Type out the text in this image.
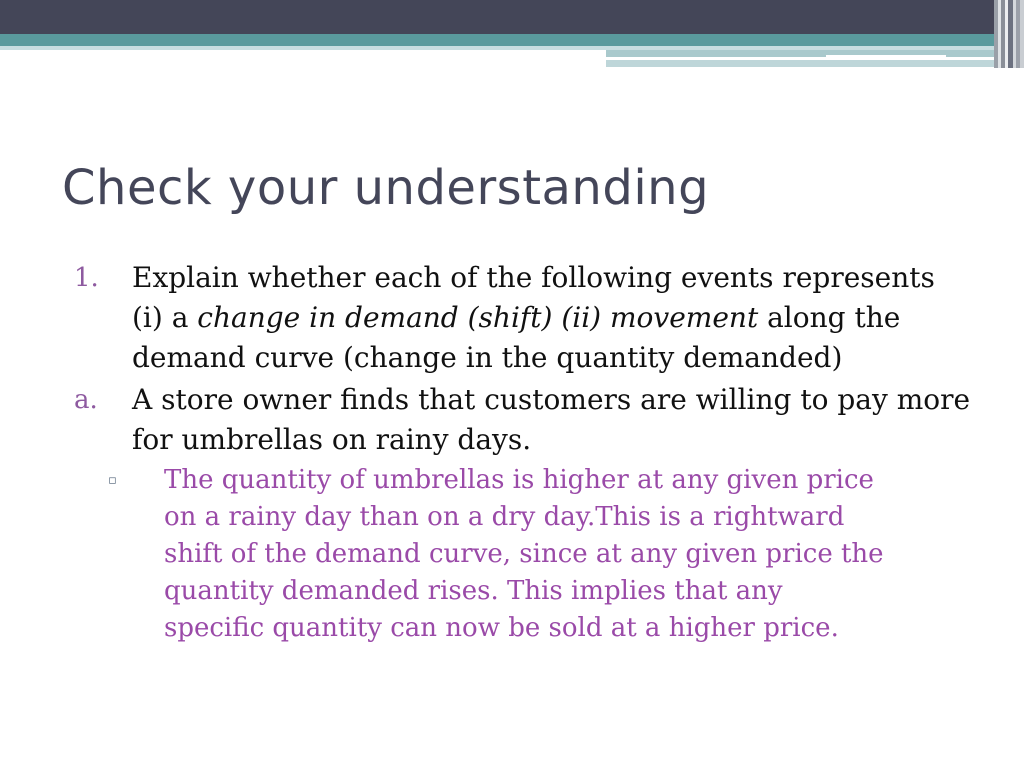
Check your understanding

1. Explain whether each of the following events represents (i) a change in demand (shift) (ii) movement along the demand curve (change in the quantity demanded)

a. A store owner finds that customers are willing to pay more for umbrellas on rainy days.

▫ The quantity of umbrellas is higher at any given price on a rainy day than on a dry day.This is a rightward shift of the demand curve, since at any given price the quantity demanded rises. This implies that any specific quantity can now be sold at a higher price.
